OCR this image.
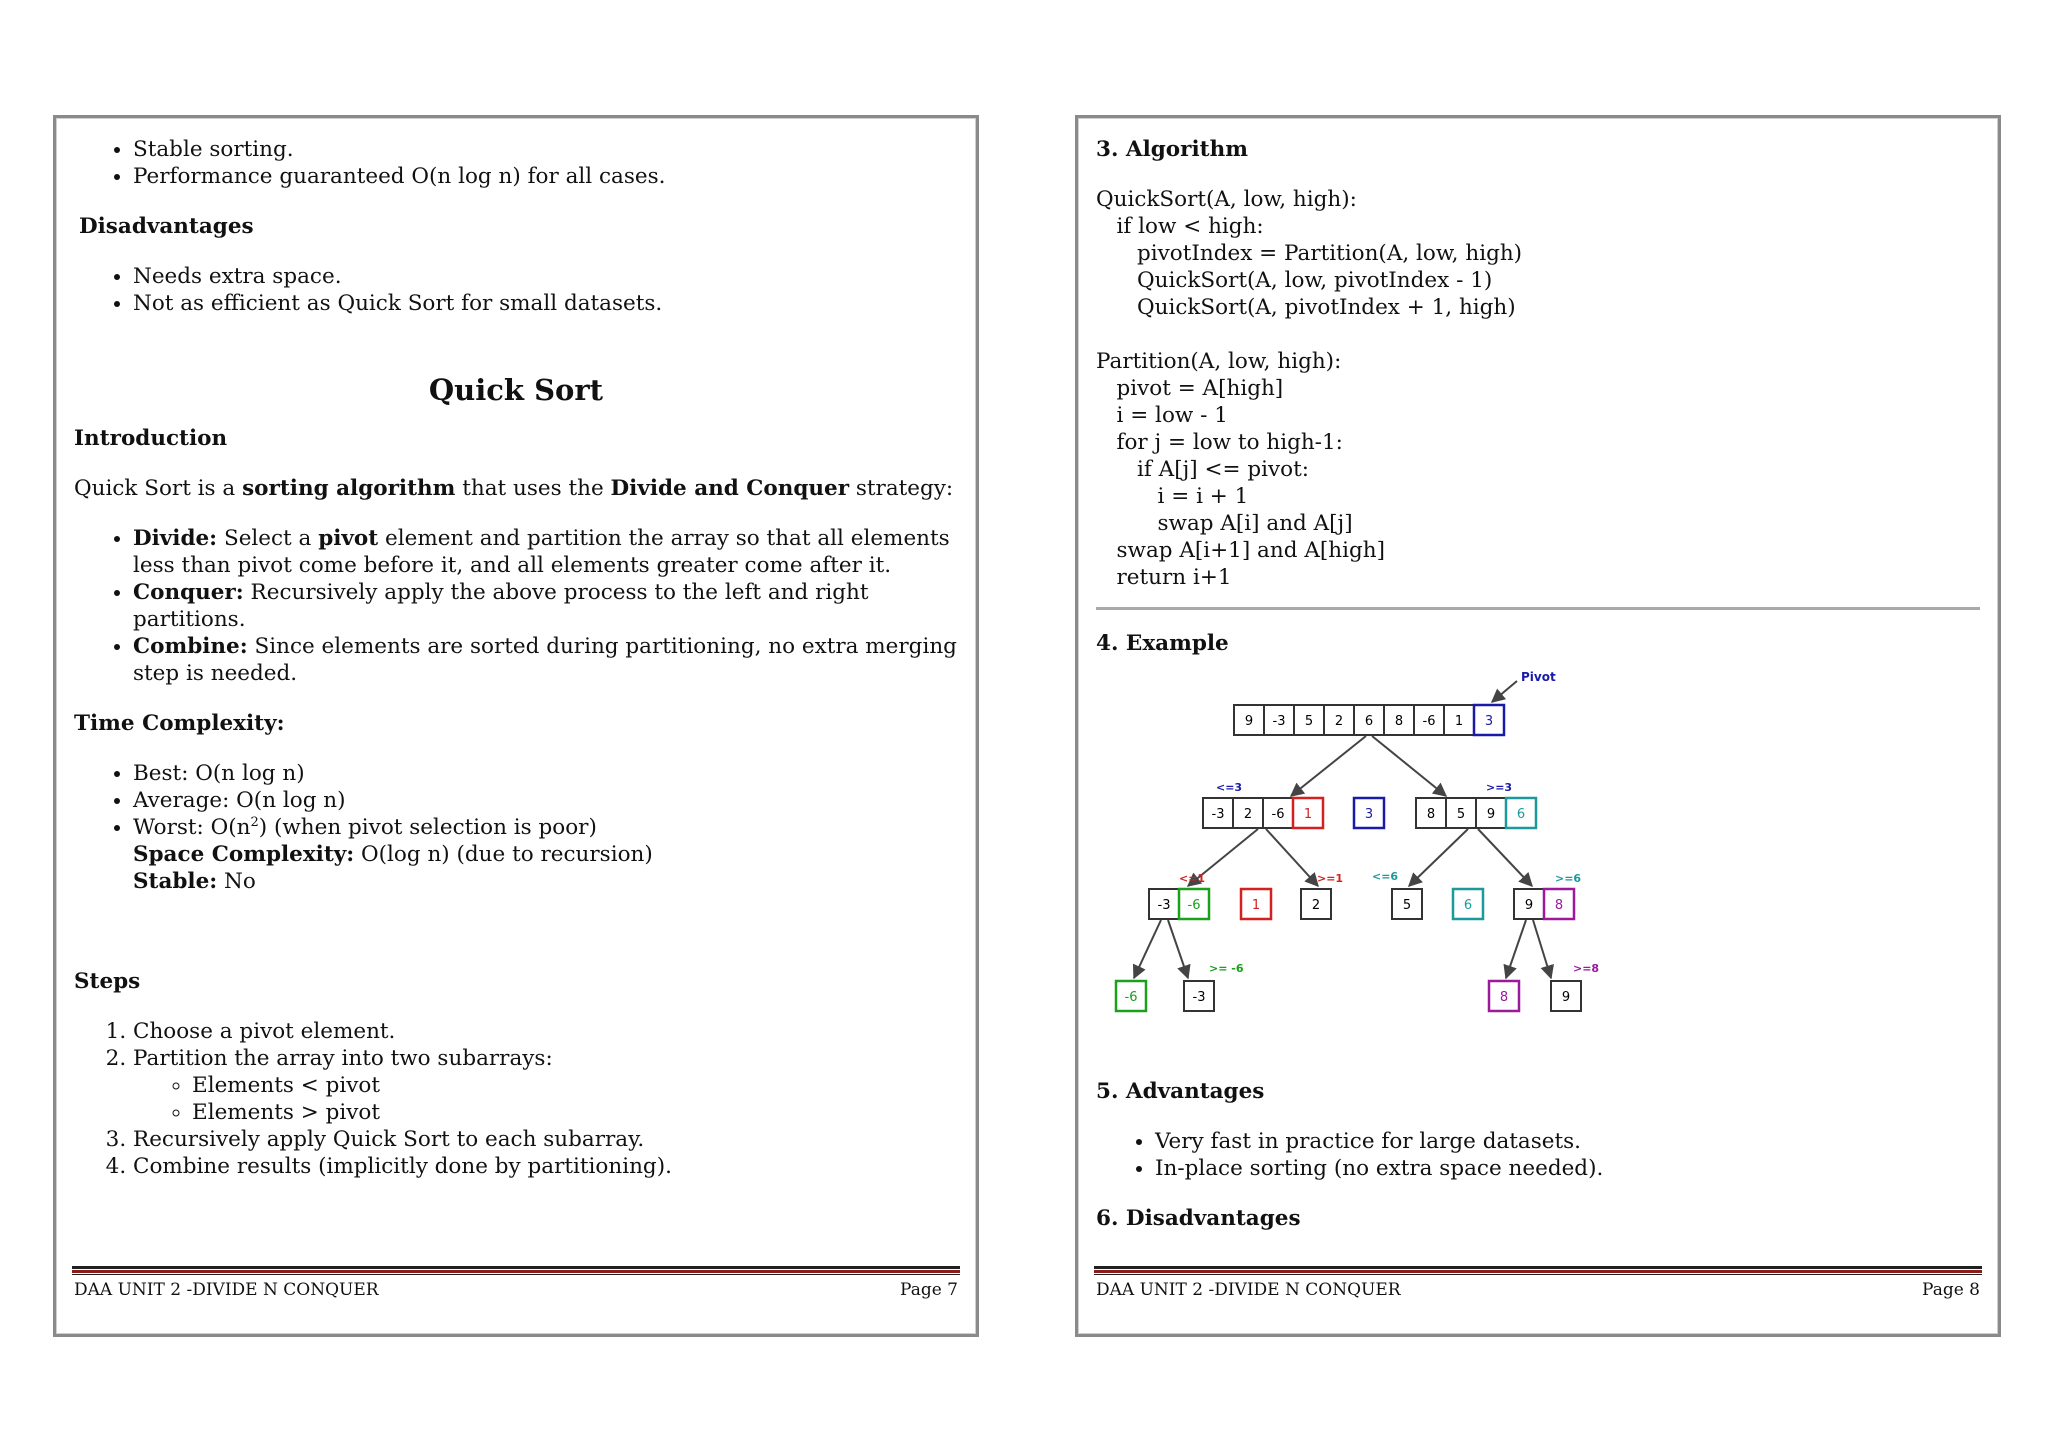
• Stable sorting.
• Performance guaranteed O(n log n) for all cases.
Disadvantages
• Needs extra space.
• Not as efficient as Quick Sort for small datasets.
Quick Sort
Introduction
Quick Sort is a sorting algorithm that uses the Divide and Conquer strategy:
• Divide: Select a pivot element and partition the array so that all elements less than pivot come before it, and all elements greater come after it.
• Conquer: Recursively apply the above process to the left and right partitions.
• Combine: Since elements are sorted during partitioning, no extra merging step is needed.
Time Complexity:
• Best: O(n log n)
• Average: O(n log n)
• Worst: $O(n^2)$ (when pivot selection is poor)
Space Complexity: O(log n) (due to recursion)
Stable: No
Steps
1. Choose a pivot element.
2. Partition the array into two subarrays:
◦ Elements < pivot
◦ Elements > pivot
3. Recursively apply Quick Sort to each subarray.
4. Combine results (implicitly done by partitioning).
DAA UNIT 2 -DIVIDE N CONQUER	Page 7
3. Algorithm
QuickSort(A, low, high):
if low < high:
pivotIndex = Partition(A, low, high)
QuickSort(A, low, pivotIndex - 1)
QuickSort(A, pivotIndex + 1, high)

Partition(A, low, high):
pivot = A[high]
i = low - 1
for j = low to high-1:
if A[j] <= pivot:
i = i + 1
swap A[i] and A[j]
swap A[i+1] and A[high]
return i+1
4. Example
9 -3 5 2 6 8 -6 1 3
Pivot
-3 2 -6 1
<=3
3	8 5 9 6
>=3
<=1
-3 -6	1
>=1
2
<=6
5	6
>=6
9 8
-6
>= -6
-3	8
>=8
9
5. Advantages
• Very fast in practice for large datasets.
• In-place sorting (no extra space needed).
6. Disadvantages
DAA UNIT 2 -DIVIDE N CONQUER	Page 8
